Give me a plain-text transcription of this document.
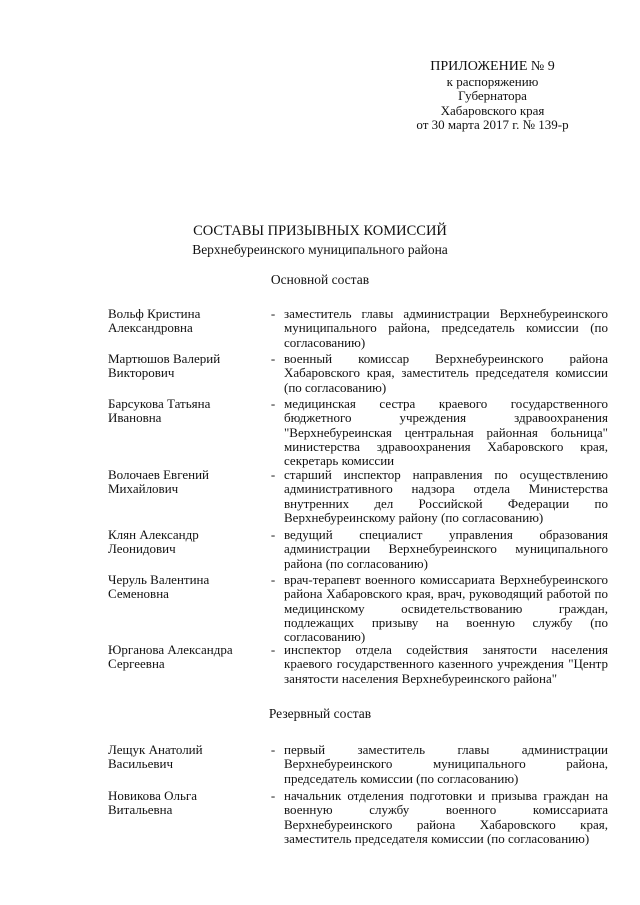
ПРИЛОЖЕНИЕ № 9
к распоряжению
Губернатора
Хабаровского края
от 30 марта 2017 г. № 139-р
СОСТАВЫ ПРИЗЫВНЫХ КОМИССИЙ
Верхнебуреинского муниципального района
Основной состав
Вольф Кристина Александровна
- заместитель главы администрации Верхнебуреинского муниципального района, председатель комиссии (по согласованию)
Мартюшов Валерий Викторович
- военный комиссар Верхнебуреинского района Хабаровского края, заместитель председателя комиссии (по согласованию)
Барсукова Татьяна Ивановна
- медицинская сестра краевого государственного бюджетного учреждения здравоохранения "Верхнебуреинская центральная районная больница" министерства здравоохранения Хабаровского края, секретарь комиссии
Волочаев Евгений Михайлович
- старший инспектор направления по осуществлению административного надзора отдела Министерства внутренних дел Российской Федерации по Верхнебуреинскому району (по согласованию)
Клян Александр Леонидович
- ведущий специалист управления образования администрации Верхнебуреинского муниципального района (по согласованию)
Черуль Валентина Семеновна
- врач-терапевт военного комиссариата Верхнебуреинского района Хабаровского края, врач, руководящий работой по медицинскому освидетельствованию граждан, подлежащих призыву на военную службу (по согласованию)
Юрганова Александра Сергеевна
- инспектор отдела содействия занятости населения краевого государственного казенного учреждения "Центр занятости населения Верхнебуреинского района"
Резервный состав
Лещук Анатолий Васильевич
- первый заместитель главы администрации Верхнебуреинского муниципального района, председатель комиссии (по согласованию)
Новикова Ольга Витальевна
- начальник отделения подготовки и призыва граждан на военную службу военного комиссариата Верхнебуреинского района Хабаровского края, заместитель председателя комиссии (по согласованию)
